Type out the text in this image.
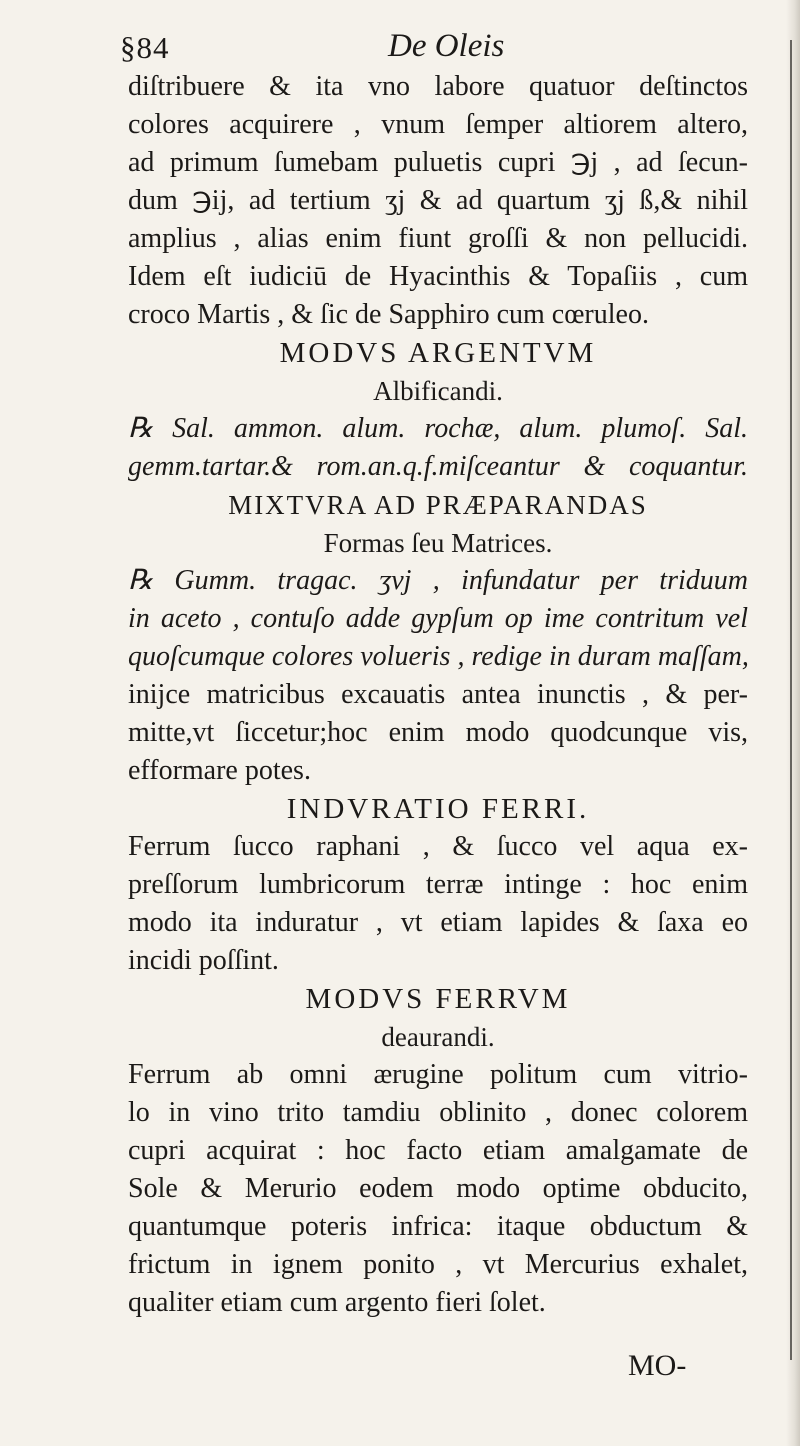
§84	De Oleis
diſtribuere & ita vno labore quatuor deſtinctos
colores acquirere , vnum ſemper altiorem altero,
ad primum ſumebam puluetis cupri ℈j , ad ſecun-
dum ℈ij, ad tertium ʒj & ad quartum ʒj ß,& nihil
amplius , alias enim fiunt groſſi & non pellucidi.
Idem eſt iudiciū de Hyacinthis & Topaſiis , cum
croco Martis , & ſic de Sapphiro cum cœruleo.
MODVS ARGENTVM
Albificandi.
℞ Sal. ammon. alum. rochæ, alum. plumoſ. Sal.
gemm.tartar.& rom.an.q.f.miſceantur & coquantur.
MIXTVRA AD PRÆPARANDAS
Formas ſeu Matrices.
℞ Gumm. tragac. ʒvj , infundatur per triduum
in aceto , contuſo adde gypſum op ime contritum vel
quoſcumque colores volueris , redige in duram maſſam,
inijce matricibus excauatis antea inunctis , & per-
mitte,vt ſiccetur;hoc enim modo quodcunque vis,
efformare potes.
INDVRATIO FERRI.
Ferrum ſucco raphani , & ſucco vel aqua ex-
preſſorum lumbricorum terræ intinge : hoc enim
modo ita induratur , vt etiam lapides & ſaxa eo
incidi poſſint.
MODVS FERRVM
deaurandi.
Ferrum ab omni ærugine politum cum vitrio-
lo in vino trito tamdiu oblinito , donec colorem
cupri acquirat : hoc facto etiam amalgamate de
Sole & Merurio eodem modo optime obducito,
quantumque poteris infrica: itaque obductum &
frictum in ignem ponito , vt Mercurius exhalet,
qualiter etiam cum argento fieri ſolet.
MO-
